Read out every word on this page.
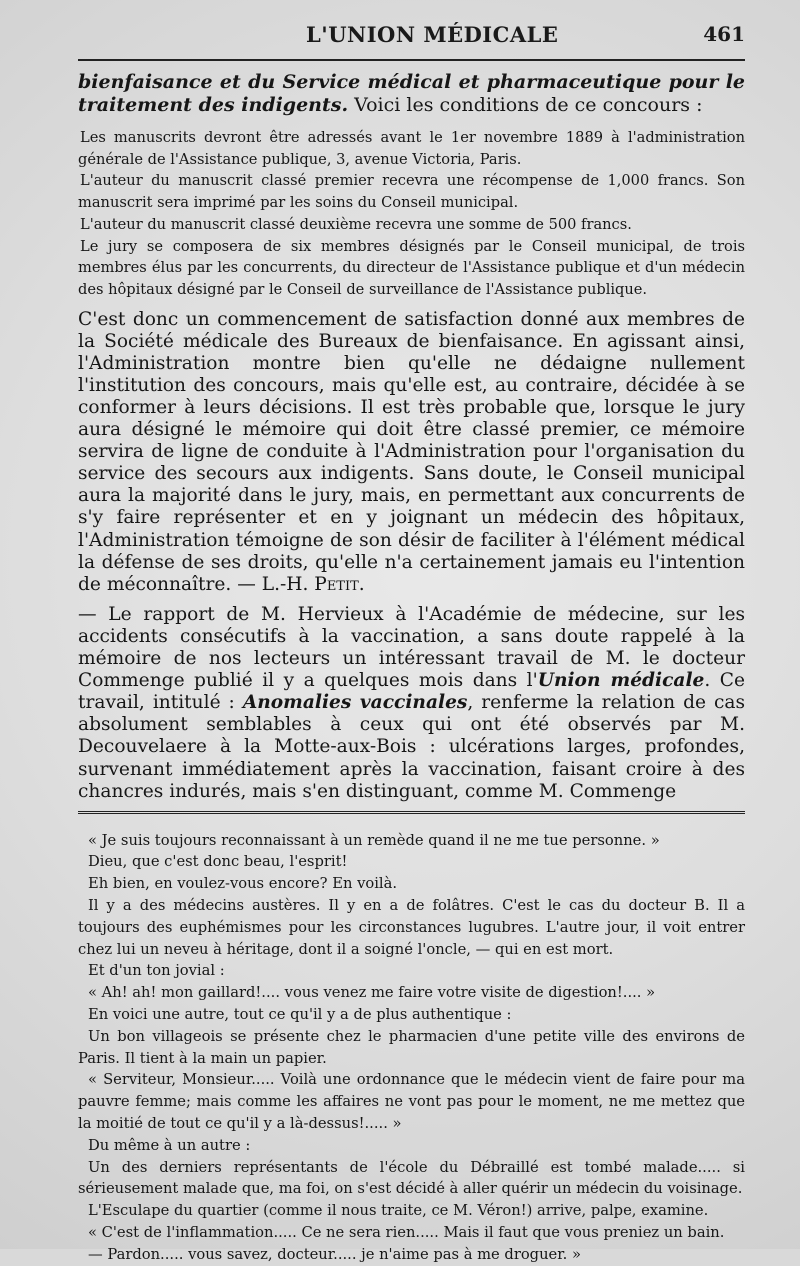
L'UNION MÉDICALE	461
bienfaisance et du Service médical et pharmaceutique pour le traitement des indigents. Voici les conditions de ce concours :

Les manuscrits devront être adressés avant le 1er novembre 1889 à l'administration générale de l'Assistance publique, 3, avenue Victoria, Paris.

L'auteur du manuscrit classé premier recevra une récompense de 1,000 francs. Son manuscrit sera imprimé par les soins du Conseil municipal.

L'auteur du manuscrit classé deuxième recevra une somme de 500 francs.

Le jury se composera de six membres désignés par le Conseil municipal, de trois membres élus par les concurrents, du directeur de l'Assistance publique et d'un médecin des hôpitaux désigné par le Conseil de surveillance de l'Assistance publique.

C'est donc un commencement de satisfaction donné aux membres de la Société médicale des Bureaux de bienfaisance. En agissant ainsi, l'Administration montre bien qu'elle ne dédaigne nullement l'institution des concours, mais qu'elle est, au contraire, décidée à se conformer à leurs décisions. Il est très probable que, lorsque le jury aura désigné le mémoire qui doit être classé premier, ce mémoire servira de ligne de conduite à l'Administration pour l'organisation du service des secours aux indigents. Sans doute, le Conseil municipal aura la majorité dans le jury, mais, en permettant aux concurrents de s'y faire représenter et en y joignant un médecin des hôpitaux, l'Administration témoigne de son désir de faciliter à l'élément médical la défense de ses droits, qu'elle n'a certainement jamais eu l'intention de méconnaître. — L.-H. Petit.

— Le rapport de M. Hervieux à l'Académie de médecine, sur les accidents consécutifs à la vaccination, a sans doute rappelé à la mémoire de nos lecteurs un intéressant travail de M. le docteur Commenge publié il y a quelques mois dans l'Union médicale. Ce travail, intitulé : Anomalies vaccinales, renferme la relation de cas absolument semblables à ceux qui ont été observés par M. Decouvelaere à la Motte-aux-Bois : ulcérations larges, profondes, survenant immédiatement après la vaccination, faisant croire à des chancres indurés, mais s'en distinguant, comme M. Commenge

« Je suis toujours reconnaissant à un remède quand il ne me tue personne. »

Dieu, que c'est donc beau, l'esprit!

Eh bien, en voulez-vous encore? En voilà.

Il y a des médecins austères. Il y en a de folâtres. C'est le cas du docteur B. Il a toujours des euphémismes pour les circonstances lugubres. L'autre jour, il voit entrer chez lui un neveu à héritage, dont il a soigné l'oncle, — qui en est mort.

Et d'un ton jovial :

« Ah! ah! mon gaillard!.... vous venez me faire votre visite de digestion!.... »

En voici une autre, tout ce qu'il y a de plus authentique :

Un bon villageois se présente chez le pharmacien d'une petite ville des environs de Paris. Il tient à la main un papier.

« Serviteur, Monsieur..... Voilà une ordonnance que le médecin vient de faire pour ma pauvre femme; mais comme les affaires ne vont pas pour le moment, ne me mettez que la moitié de tout ce qu'il y a là-dessus!..... »

Du même à un autre :

Un des derniers représentants de l'école du Débraillé est tombé malade..... si sérieusement malade que, ma foi, on s'est décidé à aller quérir un médecin du voisinage.

L'Esculape du quartier (comme il nous traite, ce M. Véron!) arrive, palpe, examine.

« C'est de l'inflammation..... Ce ne sera rien..... Mais il faut que vous preniez un bain.

— Pardon..... vous savez, docteur..... je n'aime pas à me droguer. »
